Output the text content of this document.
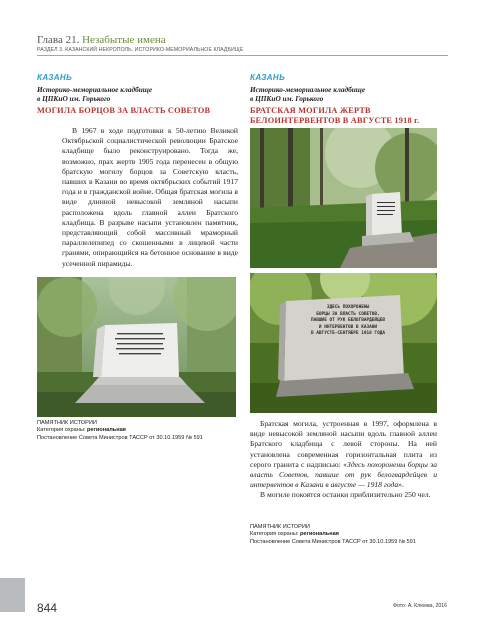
Глава 21. Незабытые имена
РАЗДЕЛ 3. КАЗАНСКИЙ НЕКРОПОЛЬ. ИСТОРИКО-МЕМОРИАЛЬНОЕ КЛАДБИЩЕ
КАЗАНЬ
Историко-мемориальное кладбище
в ЦПКиО им. Горького
МОГИЛА БОРЦОВ ЗА ВЛАСТЬ СОВЕТОВ
В 1967 в ходе подготовки к 50-летию Великой Октябрьской социалистической революции Братское кладбище было реконструировано. Тогда же, возможно, прах жертв 1905 года перенесен в общую братскую могилу борцов за Советскую власть, павших в Казани во время октябрьских событий 1917 года и в гражданской войне. Общая братская могила в виде длинной невысокой земляной насыпи расположена вдоль главной аллеи Братского кладбища. В разрыве насыпи установлен памятник, представляющий собой массивный мраморный параллелепипед со скошенными в лицевой части гранями, опирающийся на бетонное основание в виде усеченной пирамиды.
ПАМЯТНИК ИСТОРИИ
Категория охраны: региональная
Постановление Совета Министров ТАССР от 30.10.1959 № 591
КАЗАНЬ
Историко-мемориальное кладбище
в ЦПКиО им. Горького
БРАТСКАЯ МОГИЛА ЖЕРТВ
БЕЛОИНТЕРВЕНТОВ В АВГУСТЕ 1918 г.
ЗДЕСЬ ПОХОРОНЕНЫ
БОРЦЫ ЗА ВЛАСТЬ СОВЕТОВ,
ПАВШИЕ ОТ РУК БЕЛОГВАРДЕЙЦЕВ
И ИНТЕРВЕНТОВ В КАЗАНИ
В АВГУСТЕ-СЕНТЯБРЕ 1918 ГОДА

Братская могила, устроенная в 1997, оформлена в виде невысокой земляной насыпи вдоль главной аллеи Братского кладбища с левой стороны. На ней установлена современная горизонтальная плита из серого гранита с надписью: «Здесь похоронены борцы за власть Советов, павшие от рук белогвардейцев и интервентов в Казани в августе — 1918 года».

В могиле покоятся останки приблизительно 250 чел.

ПАМЯТНИК ИСТОРИИ
Категория охраны: региональная
Постановление Совета Министров ТАССР от 30.10.1959 № 591
844	Фото: А. Клюева, 2016
